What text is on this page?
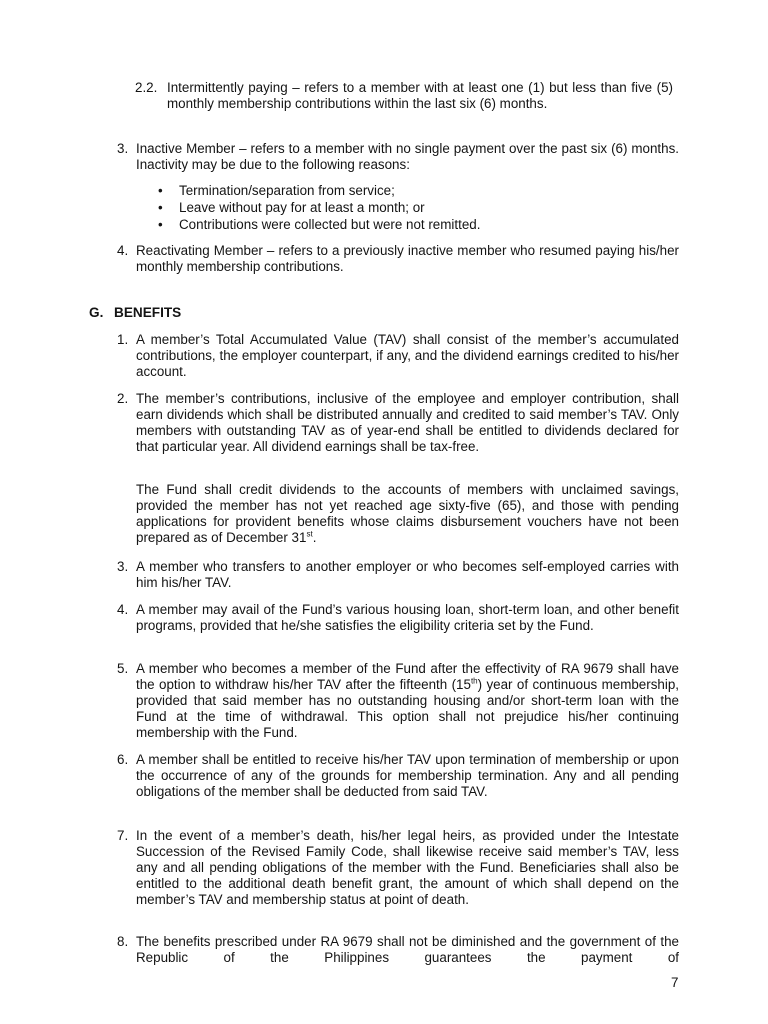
2.2. Intermittently paying – refers to a member with at least one (1) but less than five (5) monthly membership contributions within the last six (6) months.

3. Inactive Member – refers to a member with no single payment over the past six (6) months. Inactivity may be due to the following reasons:

• Termination/separation from service;
• Leave without pay for at least a month; or
• Contributions were collected but were not remitted.
4. Reactivating Member – refers to a previously inactive member who resumed paying his/her monthly membership contributions.

G. BENEFITS
1. A member’s Total Accumulated Value (TAV) shall consist of the member’s accumulated contributions, the employer counterpart, if any, and the dividend earnings credited to his/her account.

2. The member’s contributions, inclusive of the employee and employer contribution, shall earn dividends which shall be distributed annually and credited to said member’s TAV. Only members with outstanding TAV as of year-end shall be entitled to dividends declared for that particular year. All dividend earnings shall be tax-free.

The Fund shall credit dividends to the accounts of members with unclaimed savings, provided the member has not yet reached age sixty-five (65), and those with pending applications for provident benefits whose claims disbursement vouchers have not been prepared as of December 31st.

3. A member who transfers to another employer or who becomes self-employed carries with him his/her TAV.

4. A member may avail of the Fund’s various housing loan, short-term loan, and other benefit programs, provided that he/she satisfies the eligibility criteria set by the Fund.

5. A member who becomes a member of the Fund after the effectivity of RA 9679 shall have the option to withdraw his/her TAV after the fifteenth (15th) year of continuous membership, provided that said member has no outstanding housing and/or short-term loan with the Fund at the time of withdrawal. This option shall not prejudice his/her continuing membership with the Fund.

6. A member shall be entitled to receive his/her TAV upon termination of membership or upon the occurrence of any of the grounds for membership termination. Any and all pending obligations of the member shall be deducted from said TAV.

7. In the event of a member’s death, his/her legal heirs, as provided under the Intestate Succession of the Revised Family Code, shall likewise receive said member’s TAV, less any and all pending obligations of the member with the Fund. Beneficiaries shall also be entitled to the additional death benefit grant, the amount of which shall depend on the member’s TAV and membership status at point of death.

8. The benefits prescribed under RA 9679 shall not be diminished and the government of the Republic of the Philippines guarantees the payment of

7
